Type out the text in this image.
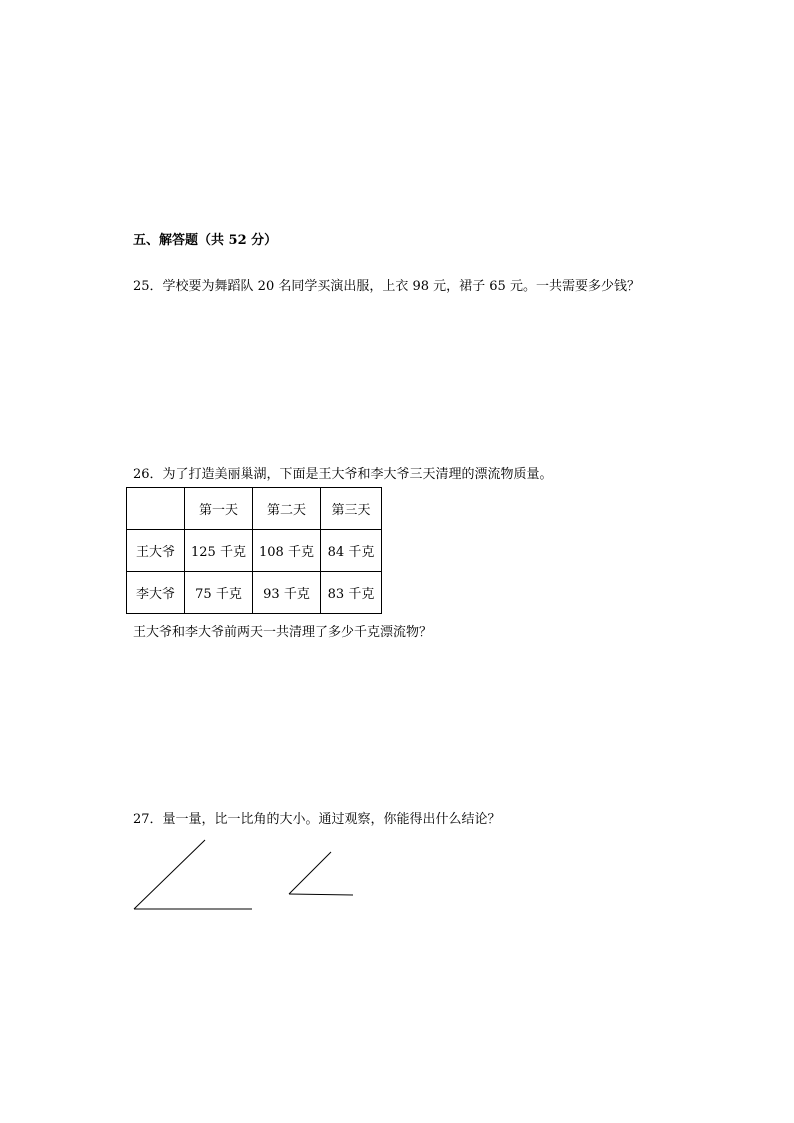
五、解答题（共 52 分）
25．学校要为舞蹈队 20 名同学买演出服，上衣 98 元，裙子 65 元。一共需要多少钱？
26．为了打造美丽巢湖，下面是王大爷和李大爷三天清理的漂流物质量。
	第一天	第二天	第三天
王大爷	125 千克	108 千克	84 千克
李大爷	75 千克	93 千克	83 千克
王大爷和李大爷前两天一共清理了多少千克漂流物？
27．量一量，比一比角的大小。通过观察，你能得出什么结论？
